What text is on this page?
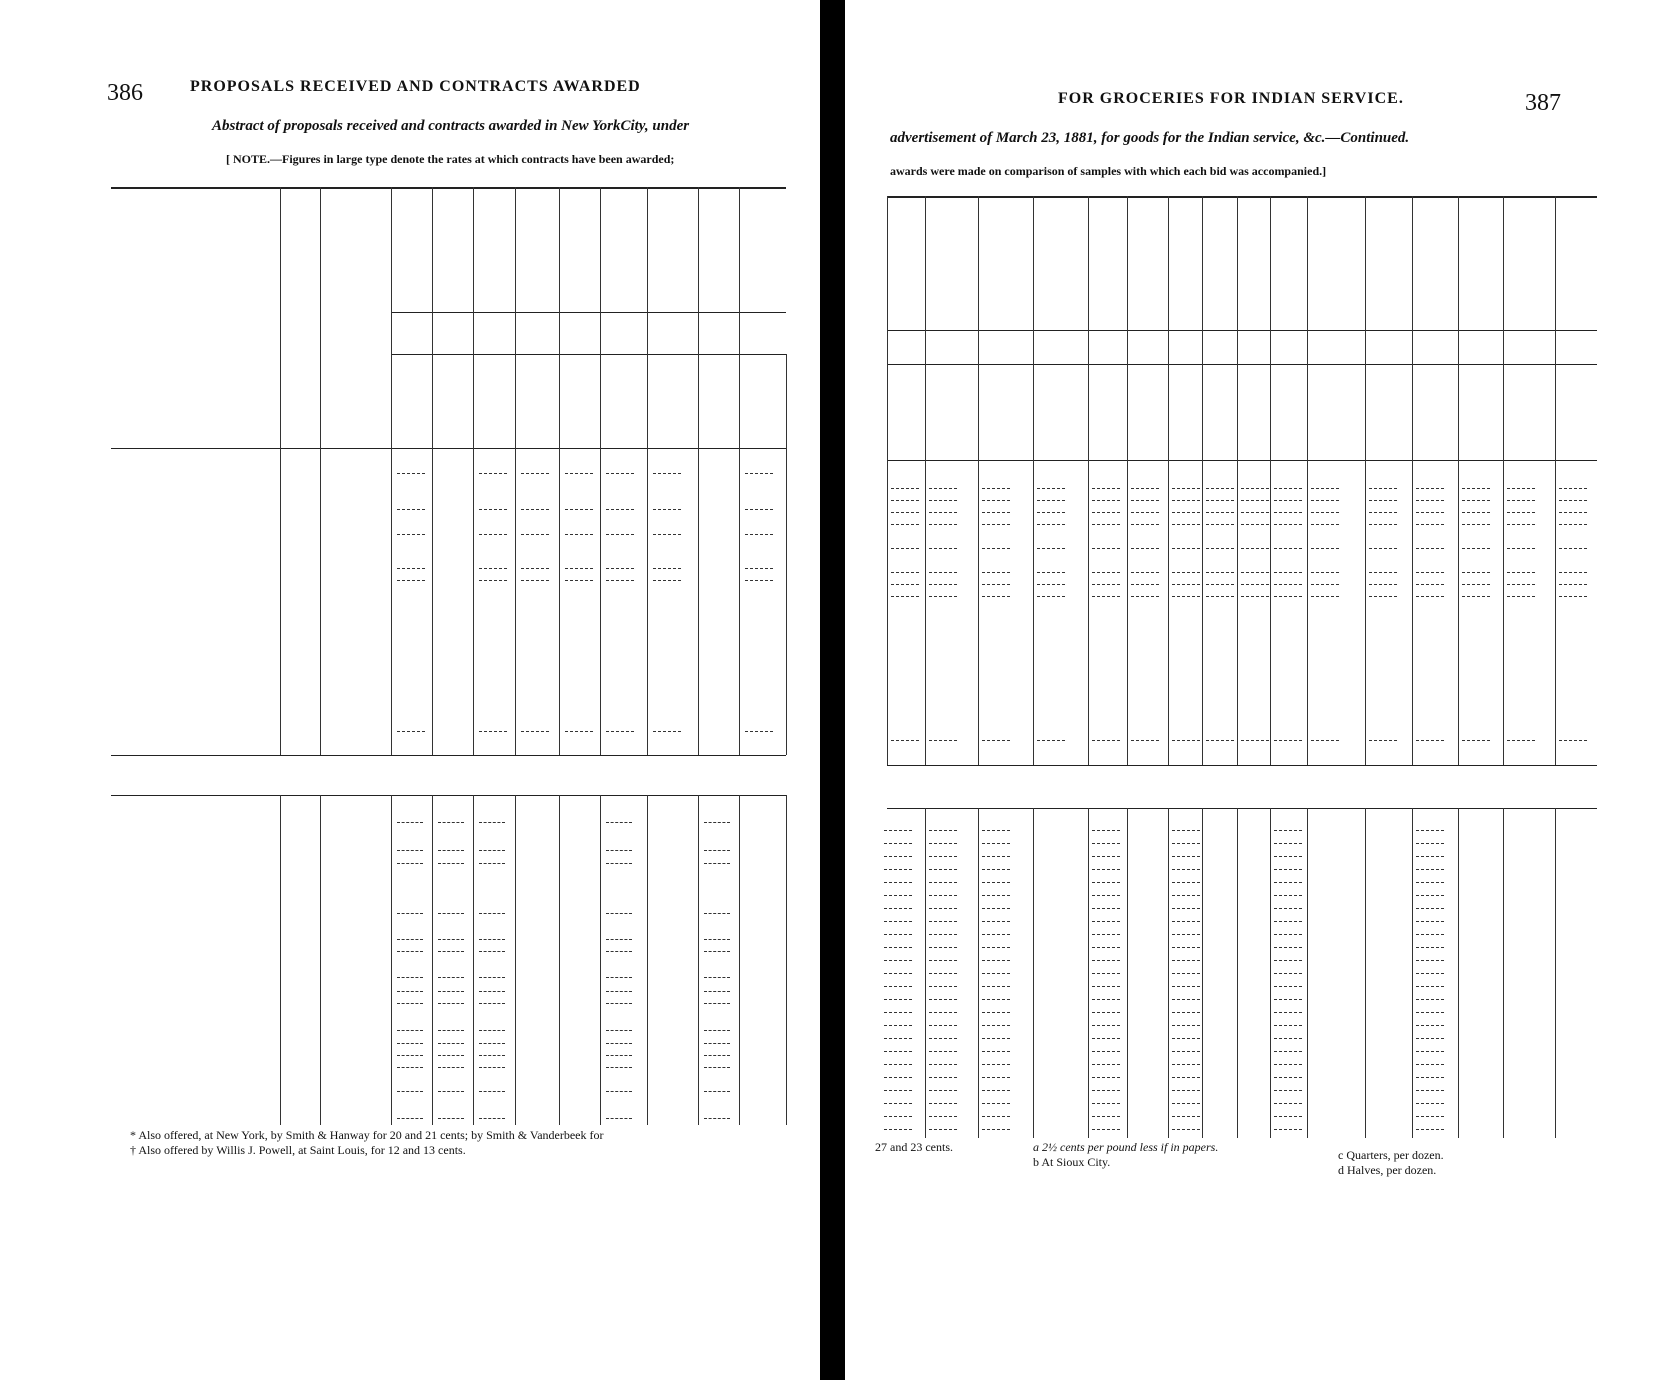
386	PROPOSALS RECEIVED AND CONTRACTS AWARDED
Abstract of proposals received and contracts awarded in New YorkCity, under
[ NOTE.—Figures in large type denote the rates at which contracts have been awarded;
* Also offered, at New York, by Smith & Hanway for 20 and 21 cents; by Smith & Vanderbeek for
† Also offered by Willis J. Powell, at Saint Louis, for 12 and 13 cents.
FOR GROCERIES FOR INDIAN SERVICE.	387
advertisement of March 23, 1881, for goods for the Indian service, &c.—Continued.
awards were made on comparison of samples with which each bid was accompanied.]
27 and 23 cents.	a 2½ cents per pound less if in papers.
b At Sioux City.	c Quarters, per dozen.
d Halves, per dozen.
